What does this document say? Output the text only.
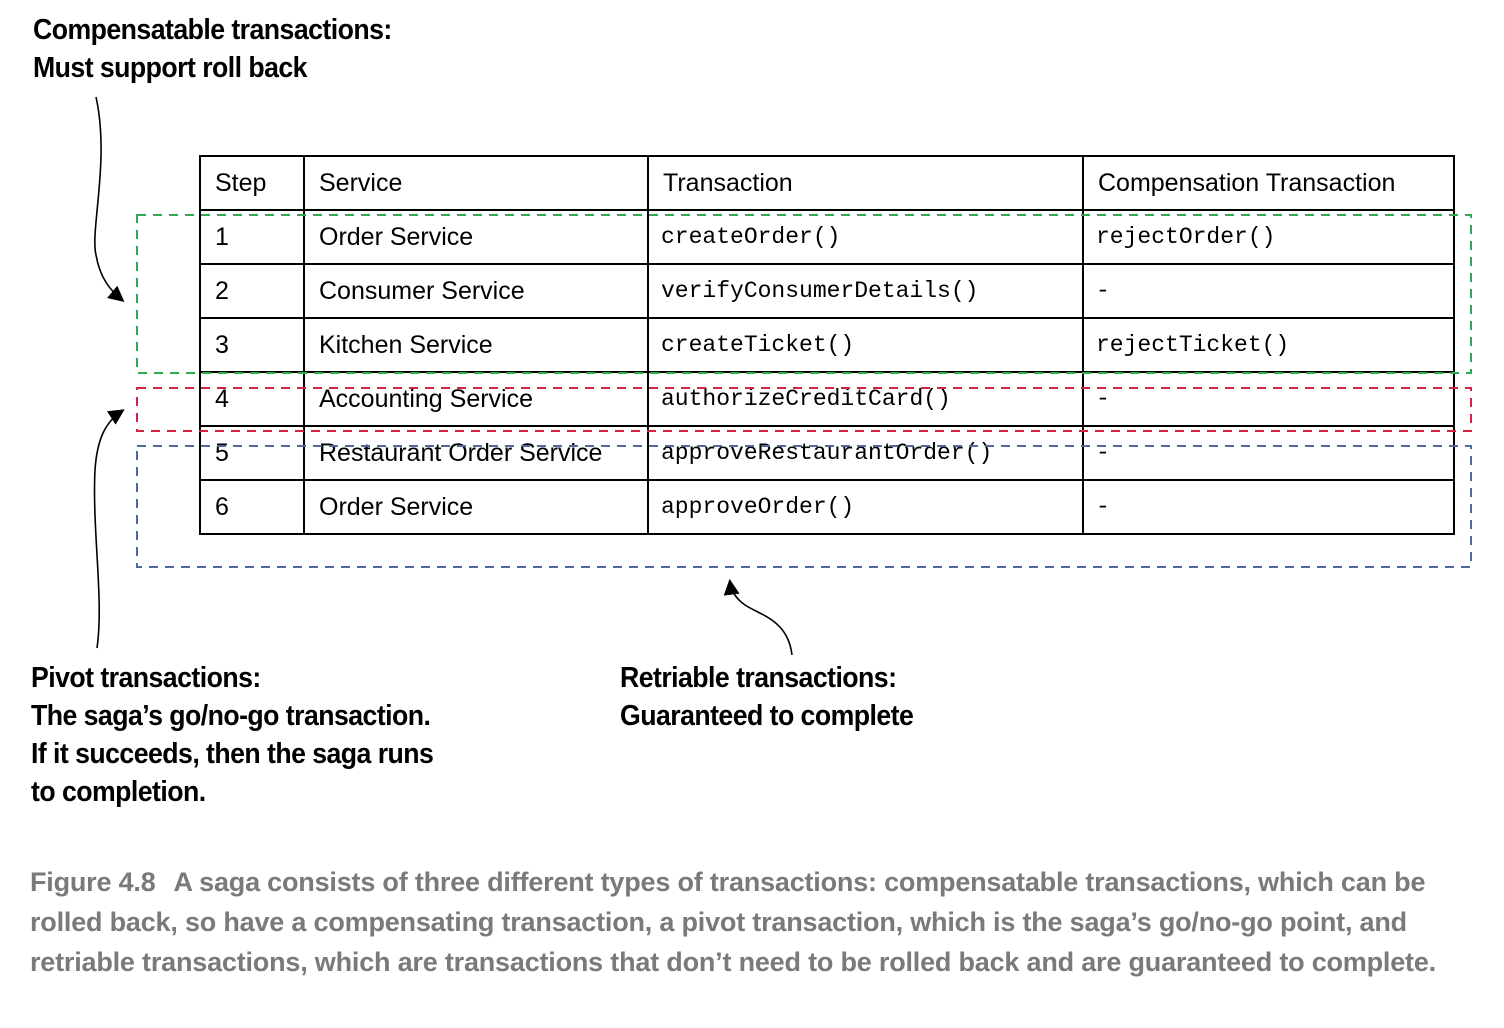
Compensatable transactions:
Must support roll back
Step	Service	Transaction	Compensation Transaction
1	Order Service	createOrder()	rejectOrder()
2	Consumer Service	verifyConsumerDetails()	-
3	Kitchen Service	createTicket()	rejectTicket()
4	Accounting Service	authorizeCreditCard()	-
5	Restaurant Order Service	approveRestaurantOrder()	-
6	Order Service	approveOrder()	-
Pivot transactions:
The saga’s go/no-go transaction.
If it succeeds, then the saga runs
to completion.
Retriable transactions:
Guaranteed to complete
Figure 4.8 A saga consists of three different types of transactions: compensatable transactions, which can be rolled back, so have a compensating transaction, a pivot transaction, which is the saga’s go/no-go point, and retriable transactions, which are transactions that don’t need to be rolled back and are guaranteed to complete.
